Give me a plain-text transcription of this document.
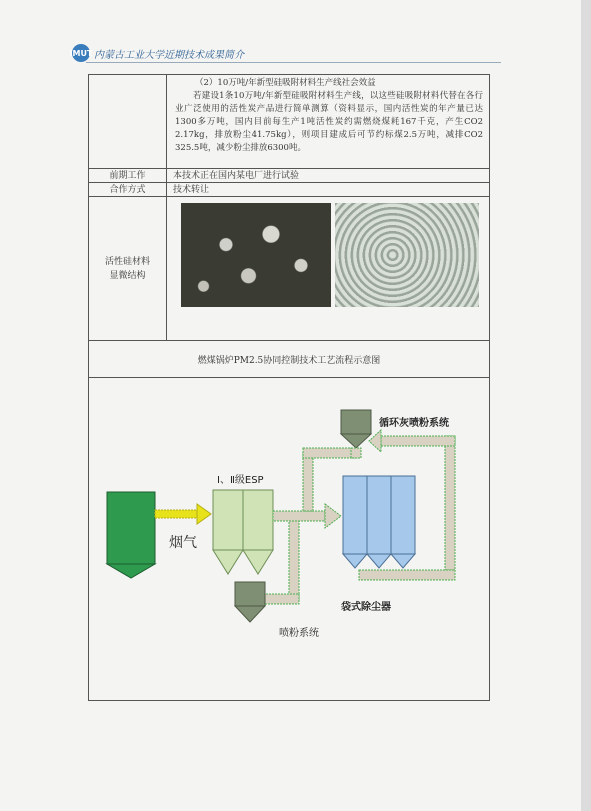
IMUT 内蒙古工业大学近期技术成果简介
（2）10万吨/年新型硅吸附材料生产线社会效益
若建设1条10万吨/年新型硅吸附材料生产线，以这些硅吸附材料代替在各行业广泛使用的活性炭产品进行简单测算（资料显示，国内活性炭的年产量已达1300多万吨，国内目前每生产1吨活性炭约需燃烧煤耗167千克，产生CO2 2.17kg，排放粉尘41.75kg），则项目建成后可节约标煤2.5万吨，减排CO2 325.5吨，减少粉尘排放6300吨。
前期工作	本技术正在国内某电厂进行试验
合作方式	技术转让
活性硅材料显微结构
燃煤锅炉PM2.5协同控制技术工艺流程示意图
Ⅰ、Ⅱ级ESP
烟气
循环灰喷粉系统
袋式除尘器
喷粉系统
